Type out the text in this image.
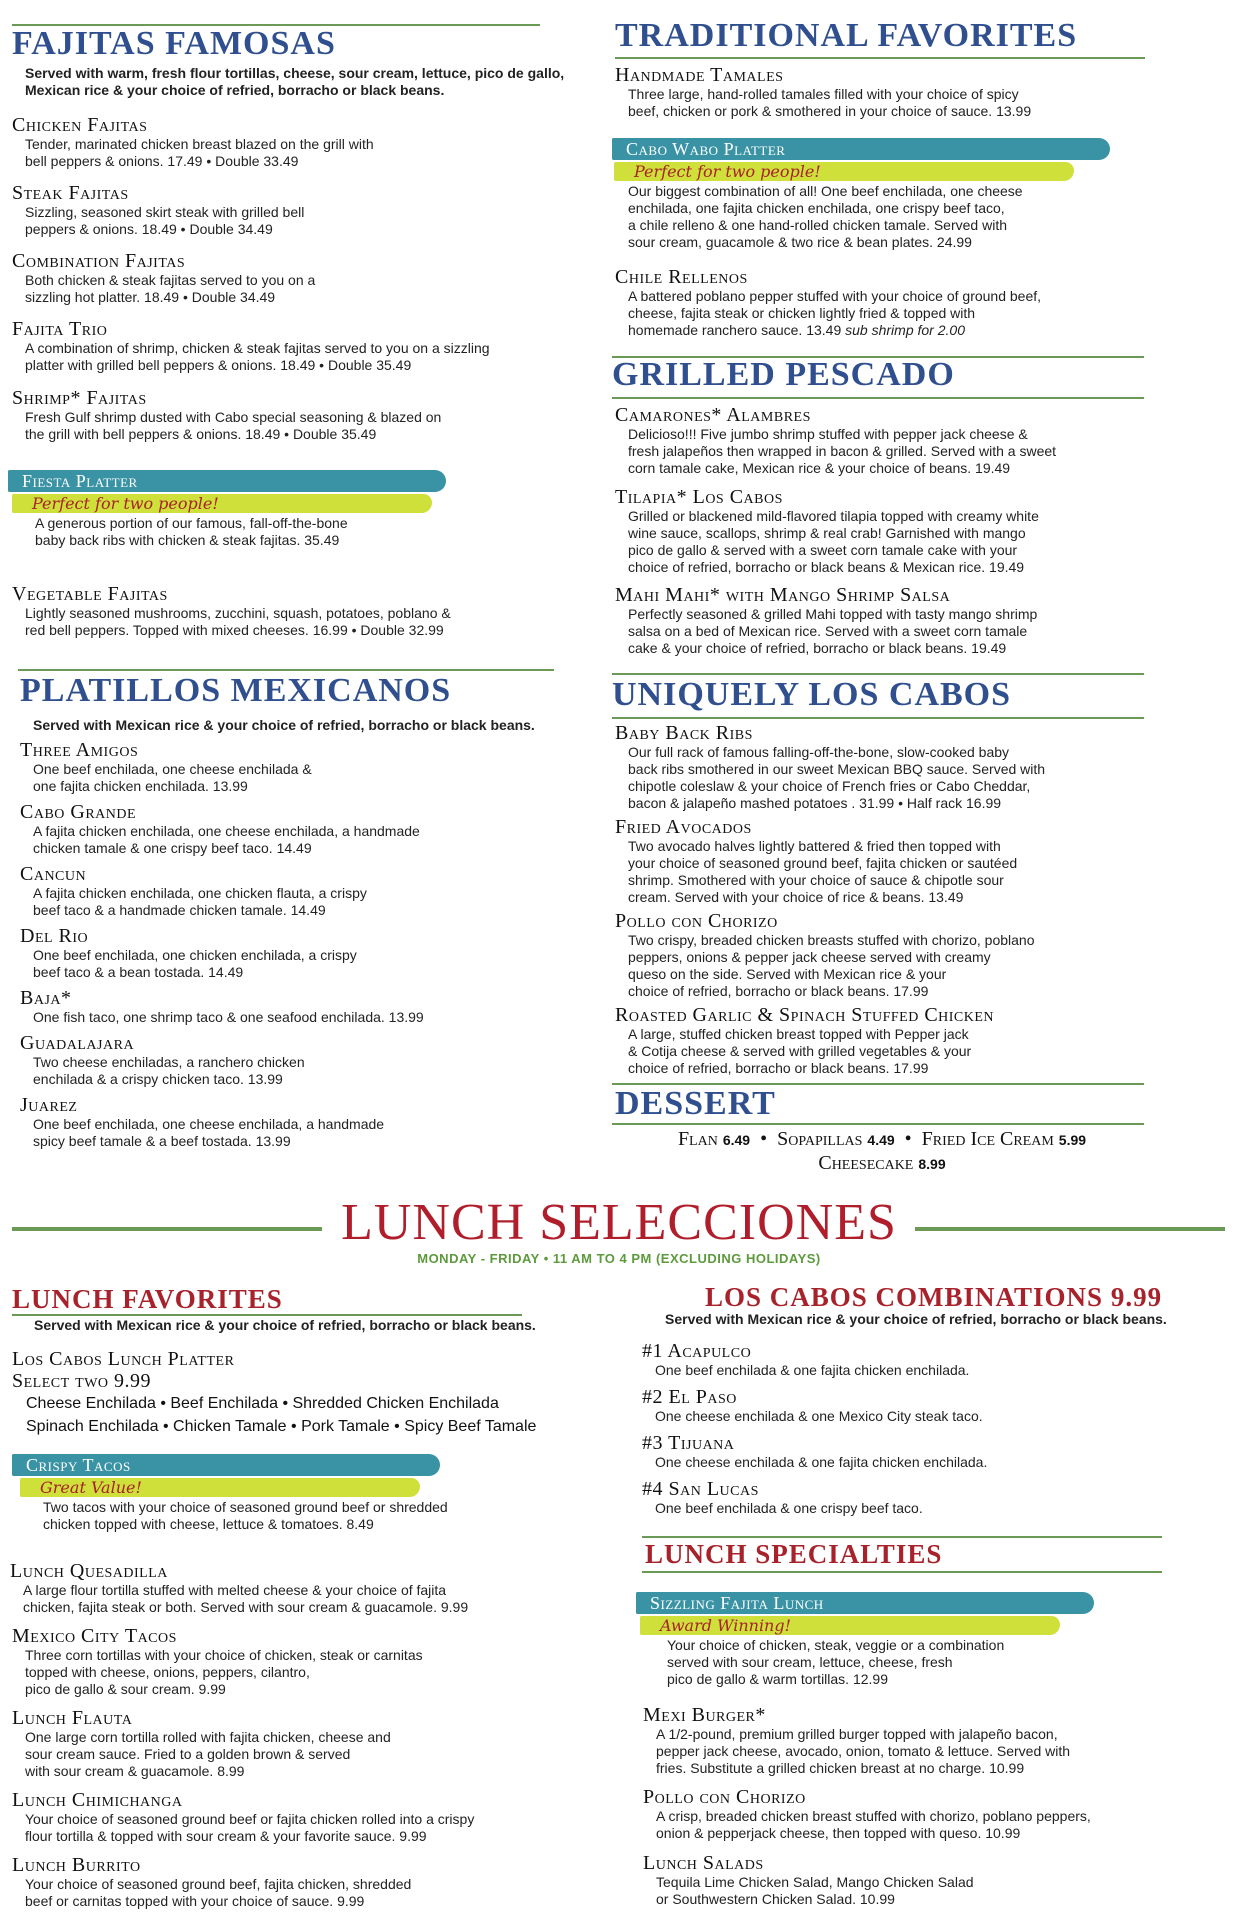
FAJITAS FAMOSAS

Served with warm, fresh flour tortillas, cheese, sour cream, lettuce, pico de gallo, Mexican rice & your choice of refried, borracho or black beans.

Chicken Fajitas
Tender, marinated chicken breast blazed on the grill with
bell peppers & onions. 17.49 • Double 33.49
Steak Fajitas
Sizzling, seasoned skirt steak with grilled bell
peppers & onions. 18.49 • Double 34.49
Combination Fajitas
Both chicken & steak fajitas served to you on a
sizzling hot platter. 18.49 • Double 34.49
Fajita Trio
A combination of shrimp, chicken & steak fajitas served to you on a sizzling
platter with grilled bell peppers & onions. 18.49 • Double 35.49
Shrimp* Fajitas
Fresh Gulf shrimp dusted with Cabo special seasoning & blazed on
the grill with bell peppers & onions. 18.49 • Double 35.49
Fiesta Platter
Perfect for two people!
A generous portion of our famous, fall-off-the-bone
baby back ribs with chicken & steak fajitas. 35.49
Vegetable Fajitas
Lightly seasoned mushrooms, zucchini, squash, potatoes, poblano &
red bell peppers. Topped with mixed cheeses. 16.99 • Double 32.99
PLATILLOS MEXICANOS

Served with Mexican rice & your choice of refried, borracho or black beans.

Three Amigos
One beef enchilada, one cheese enchilada &
one fajita chicken enchilada. 13.99
Cabo Grande
A fajita chicken enchilada, one cheese enchilada, a handmade
chicken tamale & one crispy beef taco. 14.49
Cancun
A fajita chicken enchilada, one chicken flauta, a crispy
beef taco & a handmade chicken tamale. 14.49
Del Rio
One beef enchilada, one chicken enchilada, a crispy
beef taco & a bean tostada. 14.49
Baja*
One fish taco, one shrimp taco & one seafood enchilada. 13.99
Guadalajara
Two cheese enchiladas, a ranchero chicken
enchilada & a crispy chicken taco. 13.99
Juarez
One beef enchilada, one cheese enchilada, a handmade
spicy beef tamale & a beef tostada. 13.99
TRADITIONAL FAVORITES
Handmade Tamales
Three large, hand-rolled tamales filled with your choice of spicy
beef, chicken or pork & smothered in your choice of sauce. 13.99
Cabo Wabo Platter
Perfect for two people!
Our biggest combination of all! One beef enchilada, one cheese
enchilada, one fajita chicken enchilada, one crispy beef taco,
a chile relleno & one hand-rolled chicken tamale. Served with
sour cream, guacamole & two rice & bean plates. 24.99
Chile Rellenos
A battered poblano pepper stuffed with your choice of ground beef,
cheese, fajita steak or chicken lightly fried & topped with
homemade ranchero sauce. 13.49 sub shrimp for 2.00
GRILLED PESCADO
Camarones* Alambres
Delicioso!!! Five jumbo shrimp stuffed with pepper jack cheese &
fresh jalapeños then wrapped in bacon & grilled. Served with a sweet
corn tamale cake, Mexican rice & your choice of beans. 19.49
Tilapia* Los Cabos
Grilled or blackened mild-flavored tilapia topped with creamy white
wine sauce, scallops, shrimp & real crab! Garnished with mango
pico de gallo & served with a sweet corn tamale cake with your
choice of refried, borracho or black beans & Mexican rice. 19.49
Mahi Mahi* with Mango Shrimp Salsa
Perfectly seasoned & grilled Mahi topped with tasty mango shrimp
salsa on a bed of Mexican rice. Served with a sweet corn tamale
cake & your choice of refried, borracho or black beans. 19.49
UNIQUELY LOS CABOS
Baby Back Ribs
Our full rack of famous falling-off-the-bone, slow-cooked baby
back ribs smothered in our sweet Mexican BBQ sauce. Served with
chipotle coleslaw & your choice of French fries or Cabo Cheddar,
bacon & jalapeño mashed potatoes . 31.99 • Half rack 16.99
Fried Avocados
Two avocado halves lightly battered & fried then topped with
your choice of seasoned ground beef, fajita chicken or sautéed
shrimp. Smothered with your choice of sauce & chipotle sour
cream. Served with your choice of rice & beans. 13.49
Pollo con Chorizo
Two crispy, breaded chicken breasts stuffed with chorizo, poblano
peppers, onions & pepper jack cheese served with creamy
queso on the side. Served with Mexican rice & your
choice of refried, borracho or black beans. 17.99
Roasted Garlic & Spinach Stuffed Chicken
A large, stuffed chicken breast topped with Pepper jack
& Cotija cheese & served with grilled vegetables & your
choice of refried, borracho or black beans. 17.99
DESSERT
Flan 6.49  •  Sopapillas 4.49  •  Fried Ice Cream 5.99
Cheesecake 8.99
LUNCH SELECCIONES
MONDAY - FRIDAY • 11 AM TO 4 PM (EXCLUDING HOLIDAYS)
LUNCH FAVORITES

Served with Mexican rice & your choice of refried, borracho or black beans.

Los Cabos Lunch Platter
Select two 9.99
Cheese Enchilada • Beef Enchilada • Shredded Chicken Enchilada
Spinach Enchilada • Chicken Tamale • Pork Tamale • Spicy Beef Tamale
Crispy Tacos
Great Value!
Two tacos with your choice of seasoned ground beef or shredded
chicken topped with cheese, lettuce & tomatoes. 8.49
Lunch Quesadilla
A large flour tortilla stuffed with melted cheese & your choice of fajita
chicken, fajita steak or both. Served with sour cream & guacamole. 9.99
Mexico City Tacos
Three corn tortillas with your choice of chicken, steak or carnitas
topped with cheese, onions, peppers, cilantro,
pico de gallo & sour cream. 9.99
Lunch Flauta
One large corn tortilla rolled with fajita chicken, cheese and
sour cream sauce. Fried to a golden brown & served
with sour cream & guacamole. 8.99
Lunch Chimichanga
Your choice of seasoned ground beef or fajita chicken rolled into a crispy
flour tortilla & topped with sour cream & your favorite sauce. 9.99
Lunch Burrito
Your choice of seasoned ground beef, fajita chicken, shredded
beef or carnitas topped with your choice of sauce. 9.99
LOS CABOS COMBINATIONS 9.99

Served with Mexican rice & your choice of refried, borracho or black beans.

#1 Acapulco
One beef enchilada & one fajita chicken enchilada.
#2 El Paso
One cheese enchilada & one Mexico City steak taco.
#3 Tijuana
One cheese enchilada & one fajita chicken enchilada.
#4 San Lucas
One beef enchilada & one crispy beef taco.
LUNCH SPECIALTIES
Sizzling Fajita Lunch
Award Winning!
Your choice of chicken, steak, veggie or a combination
served with sour cream, lettuce, cheese, fresh
pico de gallo & warm tortillas. 12.99
Mexi Burger*
A 1/2-pound, premium grilled burger topped with jalapeño bacon,
pepper jack cheese, avocado, onion, tomato & lettuce. Served with
fries. Substitute a grilled chicken breast at no charge. 10.99
Pollo con Chorizo
A crisp, breaded chicken breast stuffed with chorizo, poblano peppers,
onion & pepperjack cheese, then topped with queso. 10.99
Lunch Salads
Tequila Lime Chicken Salad, Mango Chicken Salad
or Southwestern Chicken Salad. 10.99
